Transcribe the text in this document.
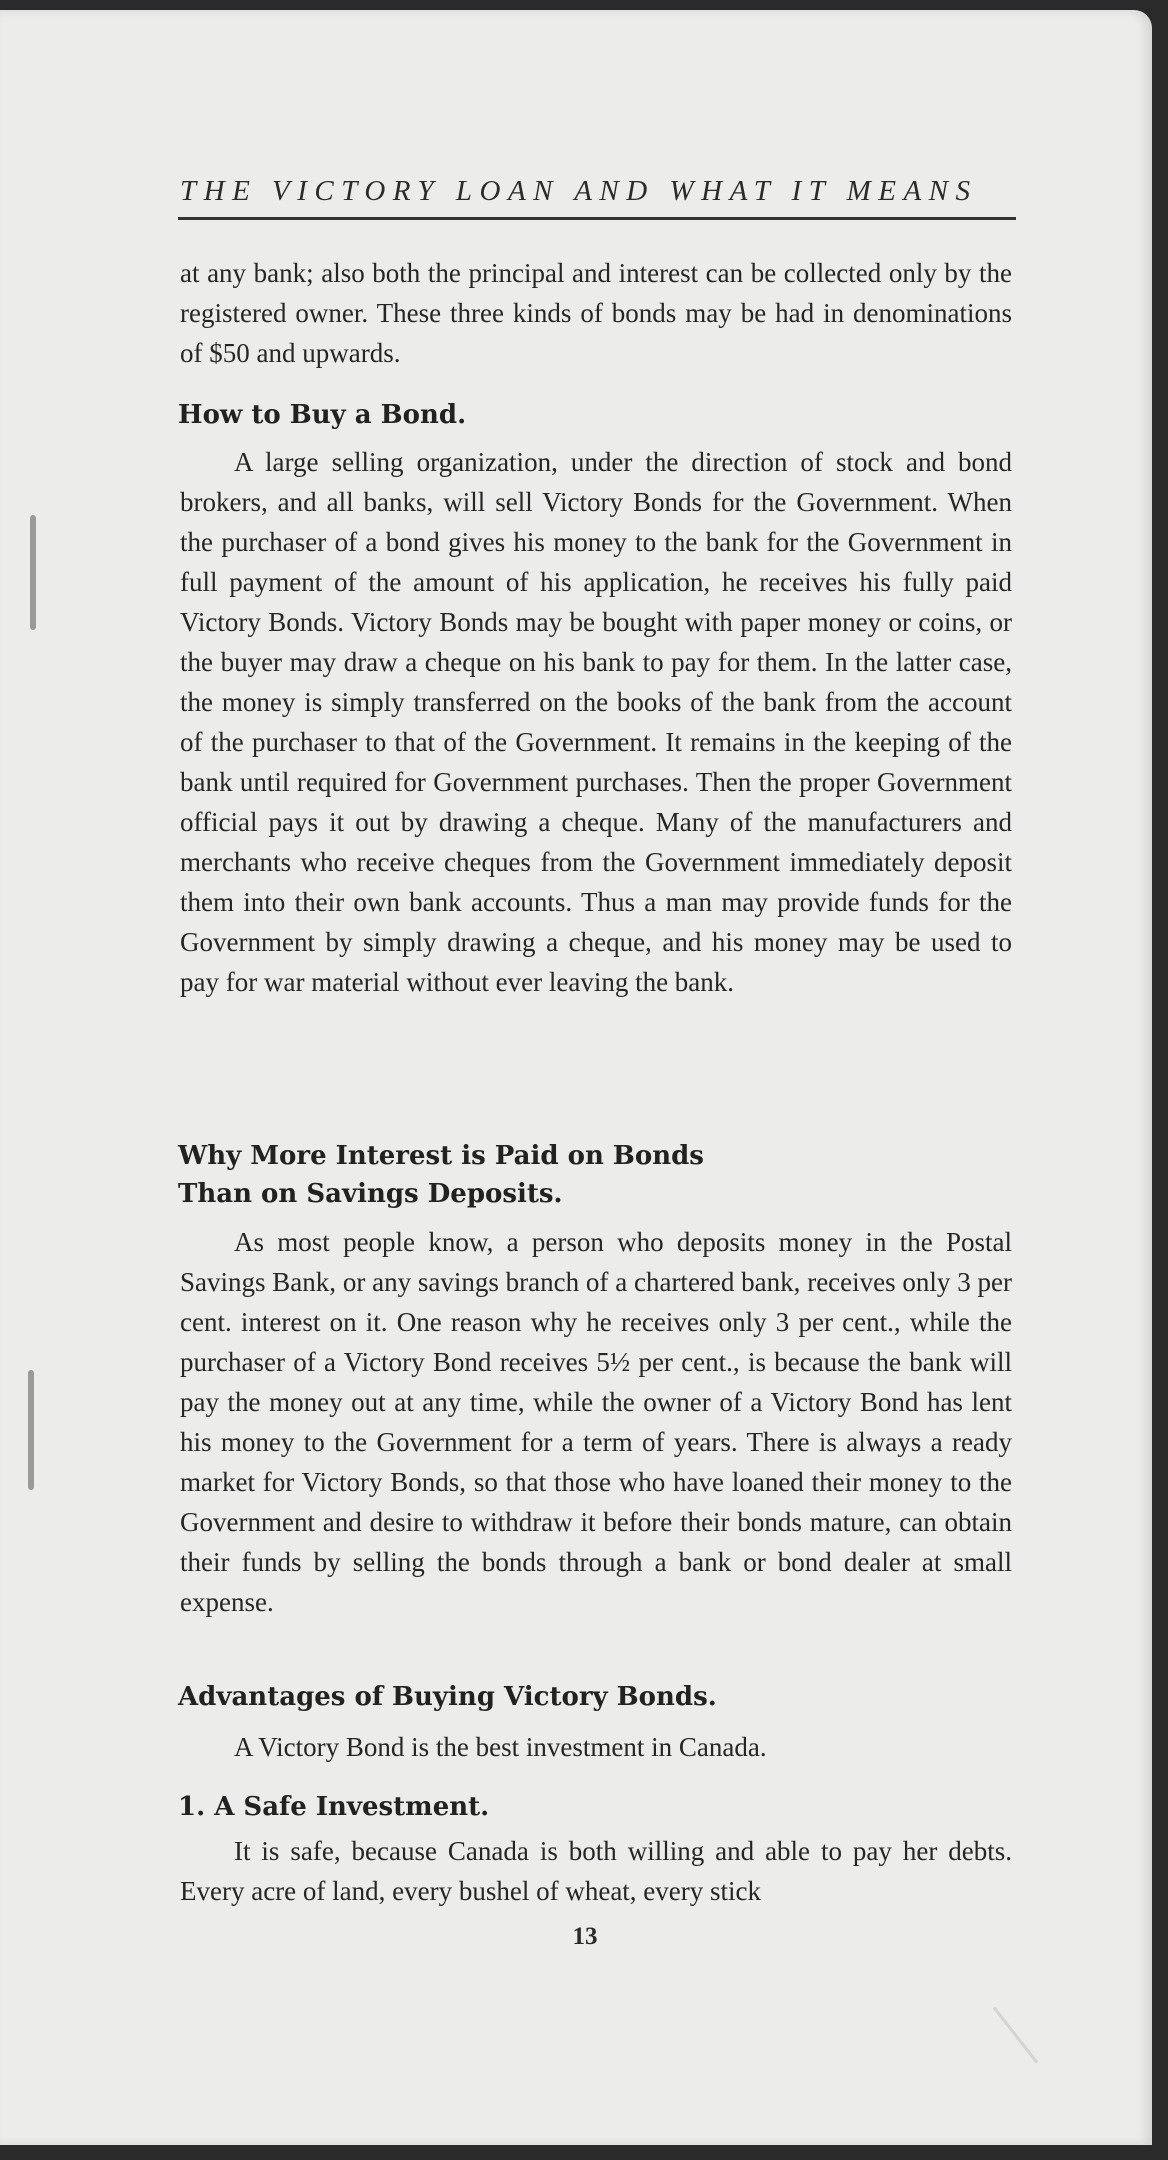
THE VICTORY LOAN AND WHAT IT MEANS

at any bank; also both the principal and interest can be collected only by the registered owner. These three kinds of bonds may be had in denominations of $50 and upwards.

How to Buy a Bond.

A large selling organization, under the direction of stock and bond brokers, and all banks, will sell Victory Bonds for the Government. When the purchaser of a bond gives his money to the bank for the Government in full payment of the amount of his application, he receives his fully paid Victory Bonds. Victory Bonds may be bought with paper money or coins, or the buyer may draw a cheque on his bank to pay for them. In the latter case, the money is simply transferred on the books of the bank from the account of the purchaser to that of the Government. It remains in the keeping of the bank until required for Government purchases. Then the proper Government official pays it out by drawing a cheque. Many of the manufacturers and merchants who receive cheques from the Government immediately deposit them into their own bank accounts. Thus a man may provide funds for the Government by simply drawing a cheque, and his money may be used to pay for war material without ever leaving the bank.

Why More Interest is Paid on Bonds
Than on Savings Deposits.

As most people know, a person who deposits money in the Postal Savings Bank, or any savings branch of a chartered bank, receives only 3 per cent. interest on it. One reason why he receives only 3 per cent., while the purchaser of a Victory Bond receives 5½ per cent., is because the bank will pay the money out at any time, while the owner of a Victory Bond has lent his money to the Government for a term of years. There is always a ready market for Victory Bonds, so that those who have loaned their money to the Government and desire to withdraw it before their bonds mature, can obtain their funds by selling the bonds through a bank or bond dealer at small expense.

Advantages of Buying Victory Bonds.

A Victory Bond is the best investment in Canada.

1. A Safe Investment.

It is safe, because Canada is both willing and able to pay her debts. Every acre of land, every bushel of wheat, every stick

13
